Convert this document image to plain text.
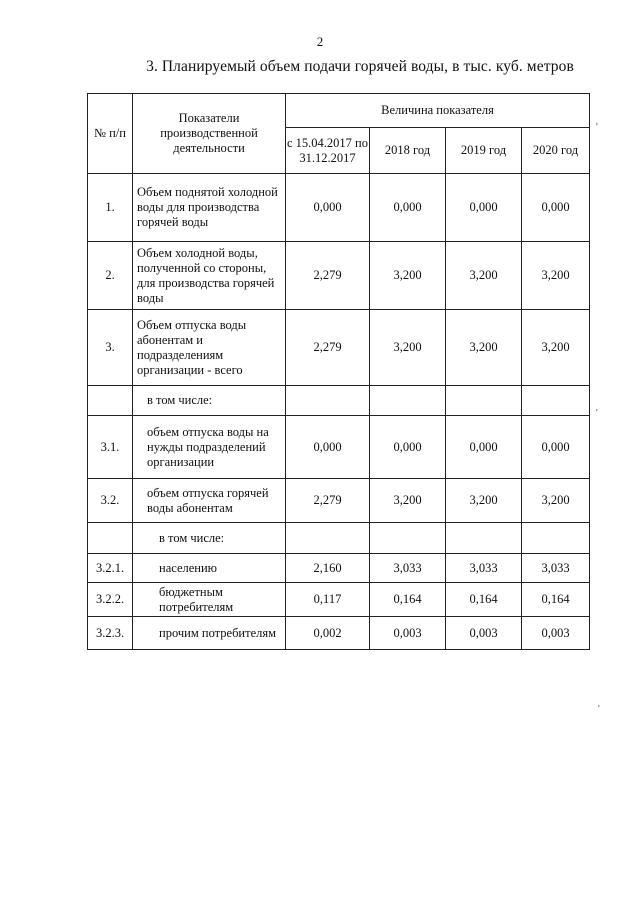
2
3. Планируемый объем подачи горячей воды, в тыс. куб. метров
№ п/п	Показатели производственной деятельности	Величина показателя			
		с 15.04.2017 по 31.12.2017	2018 год	2019 год	2020 год
1.	Объем поднятой холодной воды для производства горячей воды	0,000	0,000	0,000	0,000
2.	Объем холодной воды, полученной со стороны, для производства горячей воды	2,279	3,200	3,200	3,200
3.	Объем отпуска воды абонентам и подразделениям организации - всего	2,279	3,200	3,200	3,200
	в том числе:				
3.1.	объем отпуска воды на нужды подразделений организации	0,000	0,000	0,000	0,000
3.2.	объем отпуска горячей воды абонентам	2,279	3,200	3,200	3,200
	в том числе:				
3.2.1.	населению	2,160	3,033	3,033	3,033
3.2.2.	бюджетным потребителям	0,117	0,164	0,164	0,164
3.2.3.	прочим потребителям	0,002	0,003	0,003	0,003
'
'
'
